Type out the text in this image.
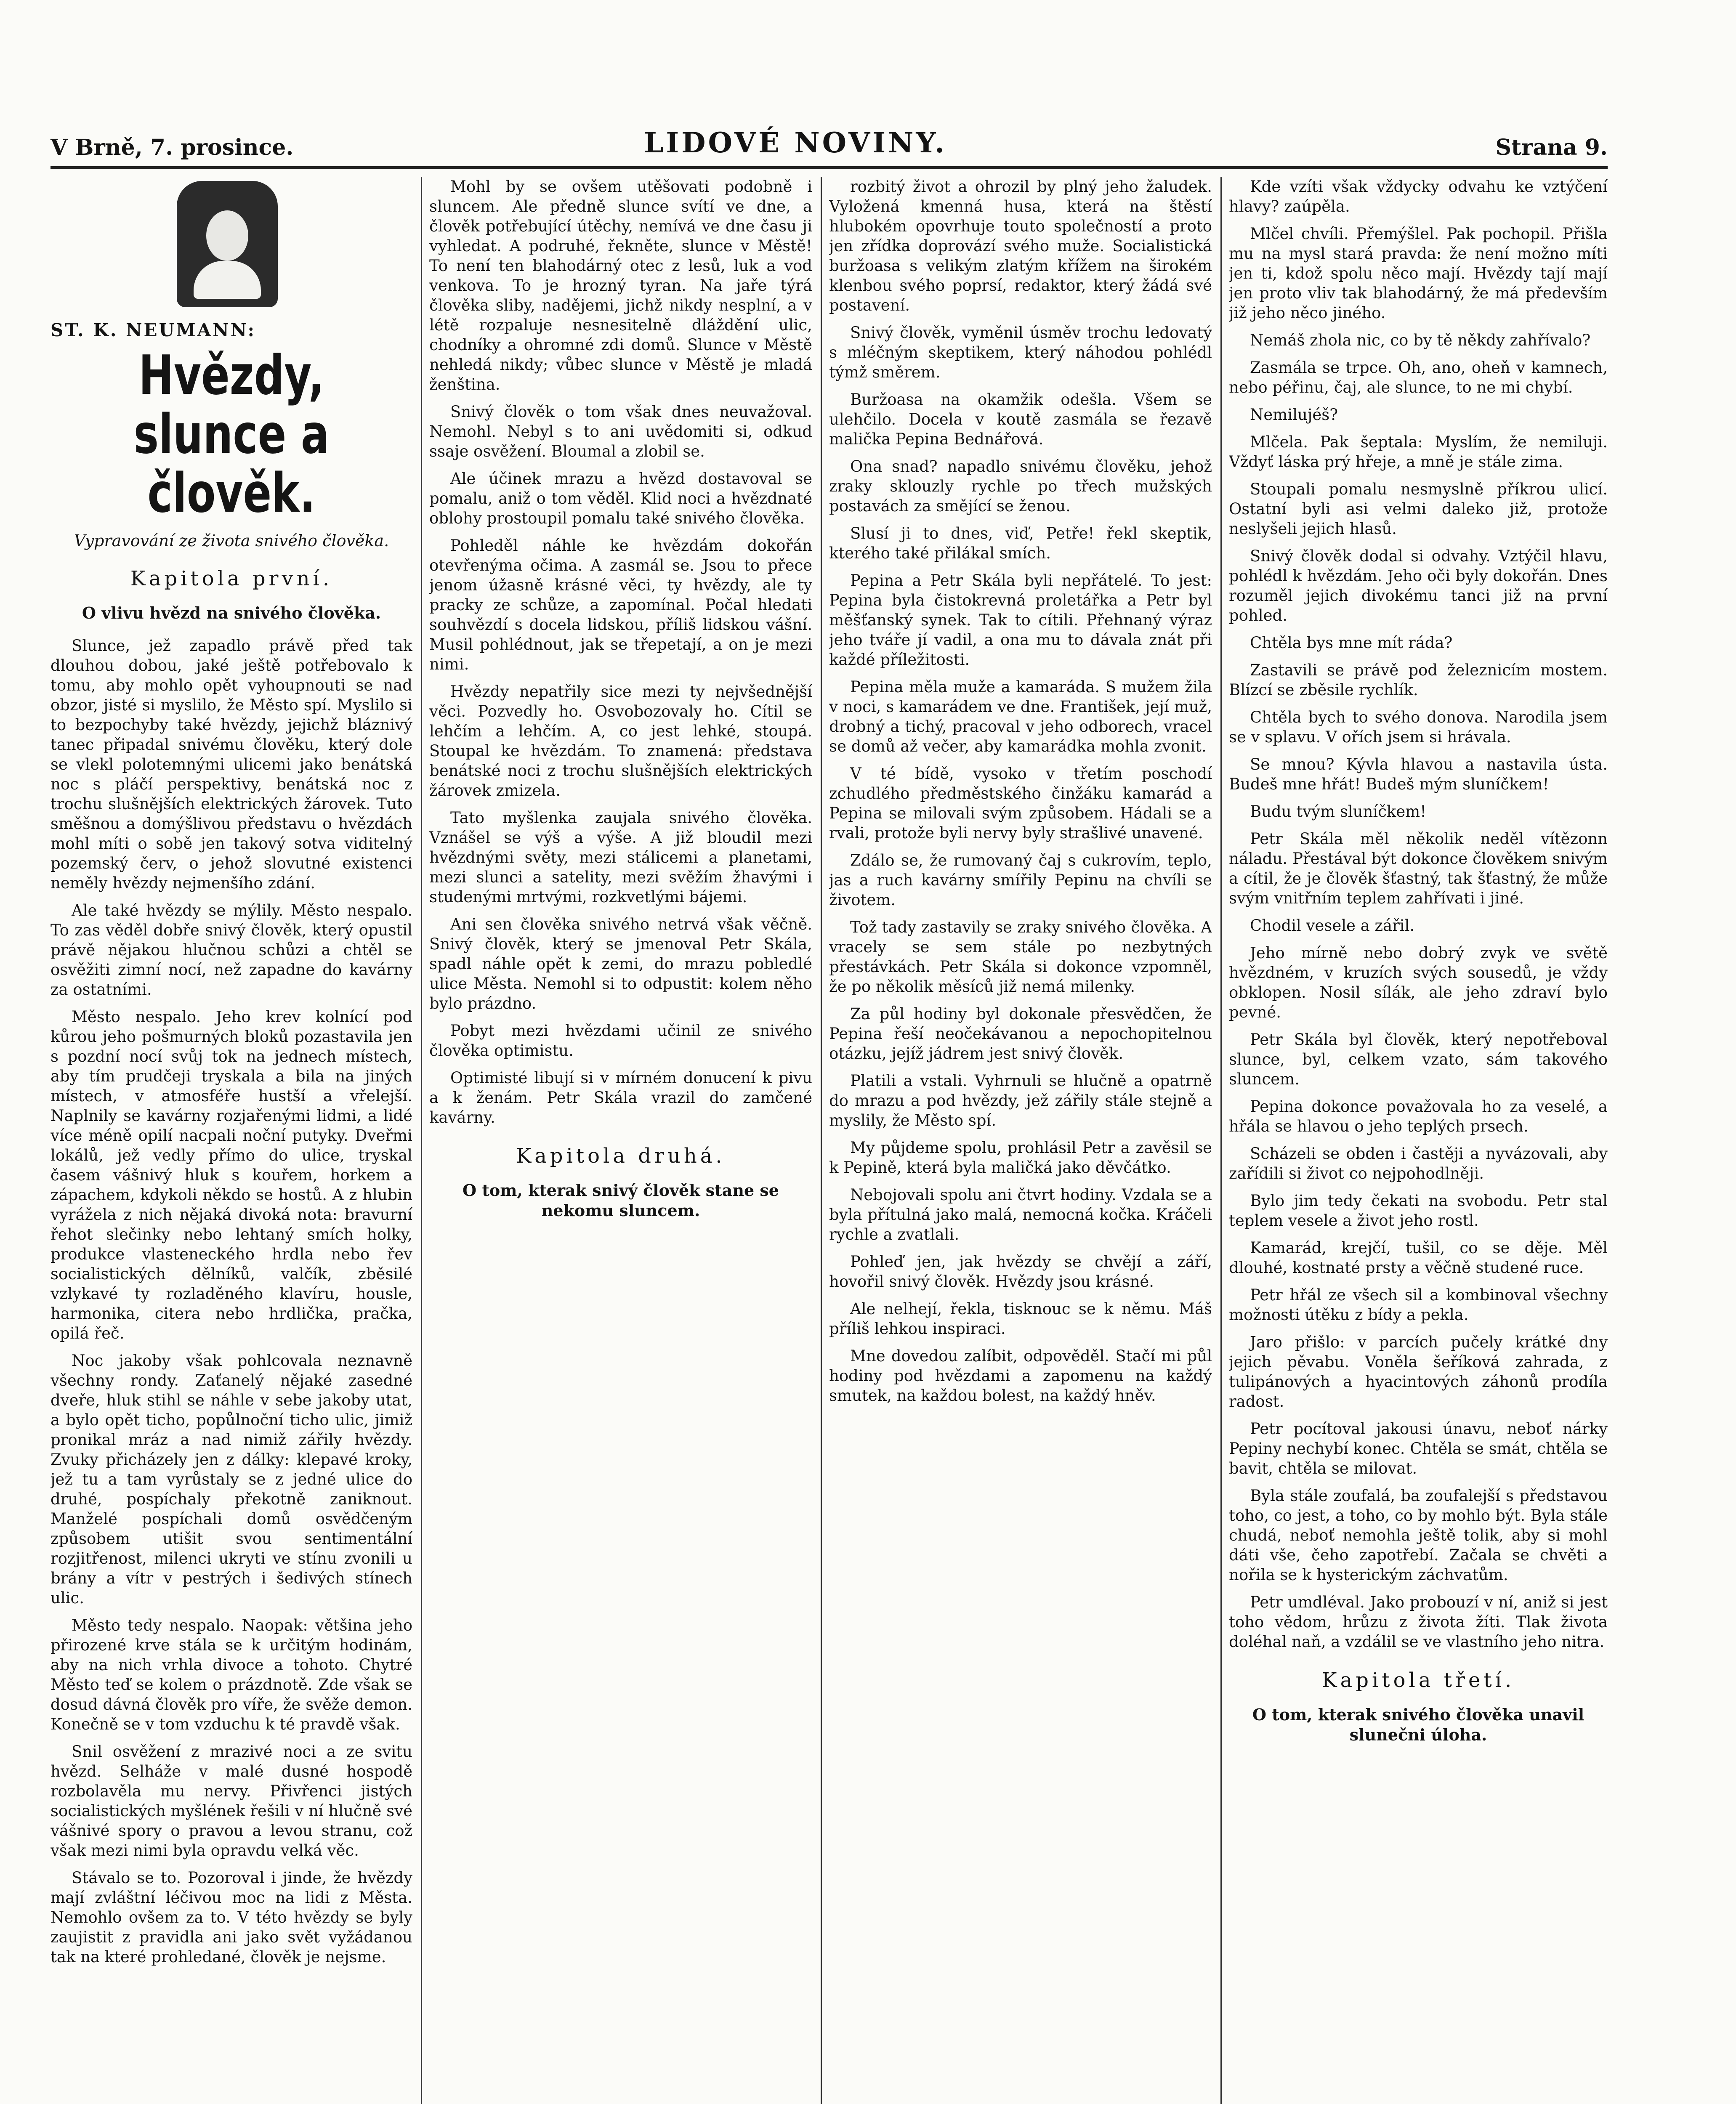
V Brně, 7. prosince.	LIDOVÉ NOVINY.	Strana 9.
ST. K. NEUMANN:
Hvězdy, slunce a člověk.
Vypravování ze života snivého člověka.
Kapitola první.
O vlivu hvězd na snivého člověka.

Slunce, jež zapadlo právě před tak dlouhou dobou, jaké ještě potřebovalo k tomu, aby mohlo opět vyhoupnouti se nad obzor, jisté si myslilo, že Město spí. Myslilo si to bezpochyby také hvězdy, jejichž bláznivý tanec připadal snivému člověku, který dole se vlekl polotemnými ulicemi jako benátská noc s pláčí perspektivy, benátská noc z trochu slušnějších elektrických žárovek. Tuto směšnou a domýšlivou představu o hvězdách mohl míti o sobě jen takový sotva viditelný pozemský červ, o jehož slovutné existenci neměly hvězdy nejmenšího zdání.

Ale také hvězdy se mýlily. Město nespalo. To zas věděl dobře snivý člověk, který opustil právě nějakou hlučnou schůzi a chtěl se osvěžiti zimní nocí, než zapadne do kavárny za ostatními.

Město nespalo. Jeho krev kolnící pod kůrou jeho pošmurných bloků pozastavila jen s pozdní nocí svůj tok na jednech místech, aby tím prudčeji tryskala a bila na jiných místech, v atmosféře hustší a vřelejší. Naplnily se kavárny rozjařenými lidmi, a lidé více méně opilí nacpali noční putyky. Dveřmi lokálů, jež vedly přímo do ulice, tryskal časem vášnivý hluk s kouřem, horkem a zápachem, kdykoli někdo se hostů. A z hlubin vyrážela z nich nějaká divoká nota: bravurní řehot slečinky nebo lehtaný smích holky, produkce vlasteneckého hrdla nebo řev socialistických dělníků, valčík, zběsilé vzlykavé ty rozladěného klavíru, housle, harmonika, citera nebo hrdlička, pračka, opilá řeč.

Noc jakoby však pohlcovala neznavně všechny rondy. Zaťanelý nějaké zasedné dveře, hluk stihl se náhle v sebe jakoby utat, a bylo opět ticho, popůlnoční ticho ulic, jimiž pronikal mráz a nad nimiž zářily hvězdy. Zvuky přicházely jen z dálky: klepavé kroky, jež tu a tam vyrůstaly se z jedné ulice do druhé, pospíchaly překotně zaniknout. Manželé pospíchali domů osvědčeným způsobem utišit svou sentimentální rozjitřenost, milenci ukryti ve stínu zvonili u brány a vítr v pestrých i šedivých stínech ulic.

Město tedy nespalo. Naopak: většina jeho přirozené krve stála se k určitým hodinám, aby na nich vrhla divoce a tohoto. Chytré Město teď se kolem o prázdnotě. Zde však se dosud dávná člověk pro víře, že svěže demon. Konečně se v tom vzduchu k té pravdě však.

Snil osvěžení z mrazivé noci a ze svitu hvězd. Selháže v malé dusné hospodě rozbolavěla mu nervy. Přivřenci jistých socialistických myšlének řešili v ní hlučně své vášnivé spory o pravou a levou stranu, což však mezi nimi byla opravdu velká věc.

Stávalo se to. Pozoroval i jinde, že hvězdy mají zvláštní léčivou moc na lidi z Města. Nemohlo ovšem za to. V této hvězdy se byly zaujistit z pravidla ani jako svět vyžádanou tak na které prohledané, člověk je nejsme.

Mohl by se ovšem utěšovati podobně i sluncem. Ale předně slunce svítí ve dne, a člověk potřebující útěchy, nemívá ve dne času ji vyhledat. A podruhé, řekněte, slunce v Městě! To není ten blahodárný otec z lesů, luk a vod venkova. To je hrozný tyran. Na jaře týrá člověka sliby, nadějemi, jichž nikdy nesplní, a v létě rozpaluje nesnesitelně dláždění ulic, chodníky a ohromné zdi domů. Slunce v Městě nehledá nikdy; vůbec slunce v Městě je mladá ženština.

Snivý člověk o tom však dnes neuvažoval. Nemohl. Nebyl s to ani uvědomiti si, odkud ssaje osvěžení. Bloumal a zlobil se.

Ale účinek mrazu a hvězd dostavoval se pomalu, aniž o tom věděl. Klid noci a hvězdnaté oblohy prostoupil pomalu také snivého člověka.

Pohleděl náhle ke hvězdám dokořán otevřenýma očima. A zasmál se. Jsou to přece jenom úžasně krásné věci, ty hvězdy, ale ty pracky ze schůze, a zapomínal. Počal hledati souhvězdí s docela lidskou, příliš lidskou vášní. Musil pohlédnout, jak se třepetají, a on je mezi nimi.

Hvězdy nepatřily sice mezi ty nejvšednější věci. Pozvedly ho. Osvobozovaly ho. Cítil se lehčím a lehčím. A, co jest lehké, stoupá. Stoupal ke hvězdám. To znamená: představa benátské noci z trochu slušnějších elektrických žárovek zmizela.

Tato myšlenka zaujala snivého člověka. Vznášel se výš a výše. A již bloudil mezi hvězdnými světy, mezi stálicemi a planetami, mezi slunci a satelity, mezi svěžím žhavými i studenými mrtvými, rozkvetlými bájemi.

Ani sen člověka snivého netrvá však věčně. Snivý člověk, který se jmenoval Petr Skála, spadl náhle opět k zemi, do mrazu pobledlé ulice Města. Nemohl si to odpustit: kolem něho bylo prázdno.

Pobyt mezi hvězdami učinil ze snivého člověka optimistu.

Optimisté libují si v mírném donucení k pivu a k ženám. Petr Skála vrazil do zamčené kavárny.

Kapitola druhá.
O tom, kterak snivý člověk stane se nekomu sluncem.

rozbitý život a ohrozil by plný jeho žaludek. Vyložená kmenná husa, která na štěstí hlubokém opovrhuje touto společností a proto jen zřídka doprovází svého muže. Socialistická buržoasa s velikým zlatým křížem na širokém klenbou svého poprsí, redaktor, který žádá své postavení.

Snivý člověk, vyměnil úsměv trochu ledovatý s mléčným skeptikem, který náhodou pohlédl týmž směrem.

Buržoasa na okamžik odešla. Všem se ulehčilo. Docela v koutě zasmála se řezavě malička Pepina Bednářová.

Ona snad? napadlo snivému člověku, jehož zraky sklouzly rychle po třech mužských postavách za smějící se ženou.

Slusí ji to dnes, viď, Petře! řekl skeptik, kterého také přilákal smích.

Pepina a Petr Skála byli nepřátelé. To jest: Pepina byla čistokrevná proletářka a Petr byl měšťanský synek. Tak to cítili. Přehnaný výraz jeho tváře jí vadil, a ona mu to dávala znát při každé příležitosti.

Pepina měla muže a kamaráda. S mužem žila v noci, s kamarádem ve dne. František, její muž, drobný a tichý, pracoval v jeho odborech, vracel se domů až večer, aby kamarádka mohla zvonit.

V té bídě, vysoko v třetím poschodí zchudlého předměstského činžáku kamarád a Pepina se milovali svým způsobem. Hádali se a rvali, protože byli nervy byly strašlivé unavené.

Zdálo se, že rumovaný čaj s cukrovím, teplo, jas a ruch kavárny smířily Pepinu na chvíli se životem.

Tož tady zastavily se zraky snivého člověka. A vracely se sem stále po nezbytných přestávkách. Petr Skála si dokonce vzpomněl, že po několik měsíců již nemá milenky.

Za půl hodiny byl dokonale přesvědčen, že Pepina řeší neočekávanou a nepochopitelnou otázku, jejíž jádrem jest snivý člověk.

Platili a vstali. Vyhrnuli se hlučně a opatrně do mrazu a pod hvězdy, jež zářily stále stejně a myslily, že Město spí.

My půjdeme spolu, prohlásil Petr a zavěsil se k Pepině, která byla maličká jako děvčátko.

Nebojovali spolu ani čtvrt hodiny. Vzdala se a byla přítulná jako malá, nemocná kočka. Kráčeli rychle a zvatlali.

Pohleď jen, jak hvězdy se chvějí a září, hovořil snivý člověk. Hvězdy jsou krásné.

Ale nelhejí, řekla, tisknouc se k němu. Máš příliš lehkou inspiraci.

Mne dovedou zalíbit, odpověděl. Stačí mi půl hodiny pod hvězdami a zapomenu na každý smutek, na každou bolest, na každý hněv.

Kde vzíti však vždycky odvahu ke vztýčení hlavy? zaúpěla.

Mlčel chvíli. Přemýšlel. Pak pochopil. Přišla mu na mysl stará pravda: že není možno míti jen ti, kdož spolu něco mají. Hvězdy tají mají jen proto vliv tak blahodárný, že má především již jeho něco jiného.

Nemáš zhola nic, co by tě někdy zahřívalo?

Zasmála se trpce. Oh, ano, oheň v kamnech, nebo péřinu, čaj, ale slunce, to ne mi chybí.

Nemilujéš?

Mlčela. Pak šeptala: Myslím, že nemiluji. Vždyť láska prý hřeje, a mně je stále zima.

Stoupali pomalu nesmyslně příkrou ulicí. Ostatní byli asi velmi daleko již, protože neslyšeli jejich hlasů.

Snivý člověk dodal si odvahy. Vztýčil hlavu, pohlédl k hvězdám. Jeho oči byly dokořán. Dnes rozuměl jejich divokému tanci již na první pohled.

Chtěla bys mne mít ráda?

Zastavili se právě pod železnicím mostem. Blízcí se zběsile rychlík.

Chtěla bych to svého donova. Narodila jsem se v splavu. V ořích jsem si hrávala.

Se mnou? Kývla hlavou a nastavila ústa. Budeš mne hřát! Budeš mým sluníčkem!

Budu tvým sluníčkem!

Petr Skála měl několik neděl vítězonn náladu. Přestával být dokonce člověkem snivým a cítil, že je člověk šťastný, tak šťastný, že může svým vnitřním teplem zahřívati i jiné.

Chodil vesele a zářil.

Jeho mírně nebo dobrý zvyk ve světě hvězdném, v kruzích svých sousedů, je vždy obklopen. Nosil sílák, ale jeho zdraví bylo pevné.

Petr Skála byl člověk, který nepotřeboval slunce, byl, celkem vzato, sám takového sluncem.

Pepina dokonce považovala ho za veselé, a hřála se hlavou o jeho teplých prsech.

Scházeli se obden i častěji a nyvázovali, aby zařídili si život co nejpohodlněji.

Bylo jim tedy čekati na svobodu. Petr stal teplem vesele a život jeho rostl.

Kamarád, krejčí, tušil, co se děje. Měl dlouhé, kostnaté prsty a věčně studené ruce.

Petr hřál ze všech sil a kombinoval všechny možnosti útěku z bídy a pekla.

Jaro přišlo: v parcích pučely krátké dny jejich pěvabu. Voněla šeříková zahrada, z tulipánových a hyacintových záhonů prodíla radost.

Petr pocítoval jakousi únavu, neboť nárky Pepiny nechybí konec. Chtěla se smát, chtěla se bavit, chtěla se milovat.

Byla stále zoufalá, ba zoufalejší s představou toho, co jest, a toho, co by mohlo být. Byla stále chudá, neboť nemohla ještě tolik, aby si mohl dáti vše, čeho zapotřebí. Začala se chvěti a nořila se k hysterickým záchvatům.

Petr umdléval. Jako probouzí v ní, aniž si jest toho vědom, hrůzu z života žíti. Tlak života doléhal naň, a vzdálil se ve vlastního jeho nitra.

Kapitola třetí.
O tom, kterak snivého člověka unavil slunečni úloha.
